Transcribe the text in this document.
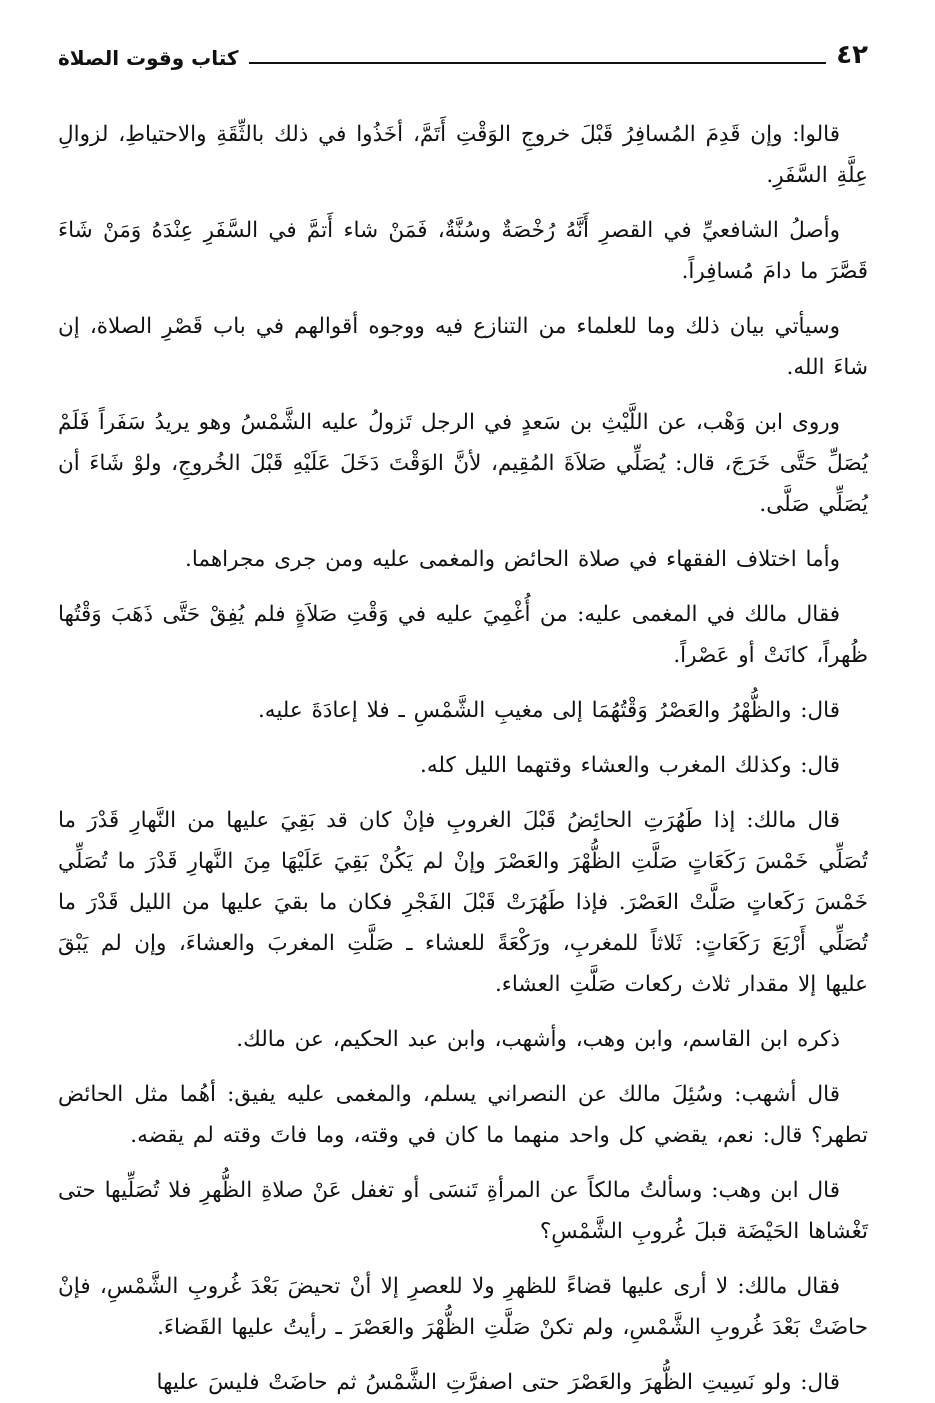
٤٢
كتاب وقوت الصلاة

قالوا: وإن قَدِمَ المُسافِرُ قَبْلَ خروجِ الوَقْتِ أَتَمَّ، أخَذُوا في ذلك بالثِّقَةِ والاحتياطِ، لزوالِ عِلَّةِ السَّفَرِ.

وأصلُ الشافعيِّ في القصرِ أَنَّهُ رُخْصَةٌ وسُنَّةٌ، فَمَنْ شاء أَتمَّ في السَّفَرِ عِنْدَهُ وَمَنْ شَاءَ قَصَّرَ ما دامَ مُسافِراً.

وسيأتي بيان ذلك وما للعلماء من التنازع فيه ووجوه أقوالهم في باب قَصْرِ الصلاة، إن شاءَ الله.

وروى ابن وَهْب، عن اللَّيْثِ بن سَعدٍ في الرجل تَزولُ عليه الشَّمْسُ وهو يريدُ سَفَراً فَلَمْ يُصَلِّ حَتَّى خَرَجَ، قال: يُصَلِّي صَلاَةَ المُقِيم، لأنَّ الوَقْتَ دَخَلَ عَلَيْهِ قَبْلَ الخُروجِ، ولوْ شَاءَ أن يُصَلِّي صَلَّى.

وأما اختلاف الفقهاء في صلاة الحائض والمغمى عليه ومن جرى مجراهما.

فقال مالك في المغمى عليه: من أُغْمِيَ عليه في وَقْتِ صَلاَةٍ فلم يُفِقْ حَتَّى ذَهَبَ وَقْتُها ظُهراً، كانَتْ أو عَصْراً.

قال: والظُّهْرُ والعَصْرُ وَقْتُهُمَا إلى مغيبِ الشَّمْسِ ـ فلا إعادَةَ عليه.

قال: وكذلك المغرب والعشاء وقتهما الليل كله.

قال مالك: إذا طَهُرَتِ الحائِضُ قَبْلَ الغروبِ فإنْ كان قد بَقِيَ عليها من النَّهارِ قَدْرَ ما تُصَلِّي خَمْسَ رَكَعَاتٍ صَلَّتِ الظُّهْرَ والعَصْرَ وإنْ لم يَكُنْ بَقِيَ عَلَيْهَا مِنَ النَّهارِ قَدْرَ ما تُصَلِّي خَمْسَ رَكَعاتٍ صَلَّتْ العَصْرَ. فإذا طَهُرَتْ قَبْلَ الفَجْرِ فكان ما بقيَ عليها من الليل قَدْرَ ما تُصَلِّي أَرْبَعَ رَكَعَاتٍ: ثَلاثاً للمغربِ، ورَكْعَةً للعشاء ـ صَلَّتِ المغربَ والعشاءَ، وإن لم يَبْقَ عليها إلا مقدار ثلاث ركعات صَلَّتِ العشاء.

ذكره ابن القاسم، وابن وهب، وأشهب، وابن عبد الحكيم، عن مالك.

قال أشهب: وسُئِلَ مالك عن النصراني يسلم، والمغمى عليه يفيق: أهُما مثل الحائض تطهر؟ قال: نعم، يقضي كل واحد منهما ما كان في وقته، وما فاتَ وقته لم يقضه.

قال ابن وهب: وسألتُ مالكاً عن المرأةِ تَنسَى أو تغفل عَنْ صلاةِ الظُّهرِ فلا تُصَلِّيها حتى تَغْشاها الحَيْضَة قبلَ غُروبِ الشَّمْسِ؟

فقال مالك: لا أرى عليها قضاءً للظهرِ ولا للعصرِ إلا أنْ تحيضَ بَعْدَ غُروبِ الشَّمْسِ، فإنْ حاضَتْ بَعْدَ غُروبِ الشَّمْسِ، ولم تكنْ صَلَّتِ الظُّهْرَ والعَصْرَ ـ رأيتُ عليها القَضاءَ.

قال: ولو نَسِيتِ الظُّهرَ والعَصْرَ حتى اصفرَّتِ الشَّمْسُ ثم حاضَتْ فليسَ عليها
